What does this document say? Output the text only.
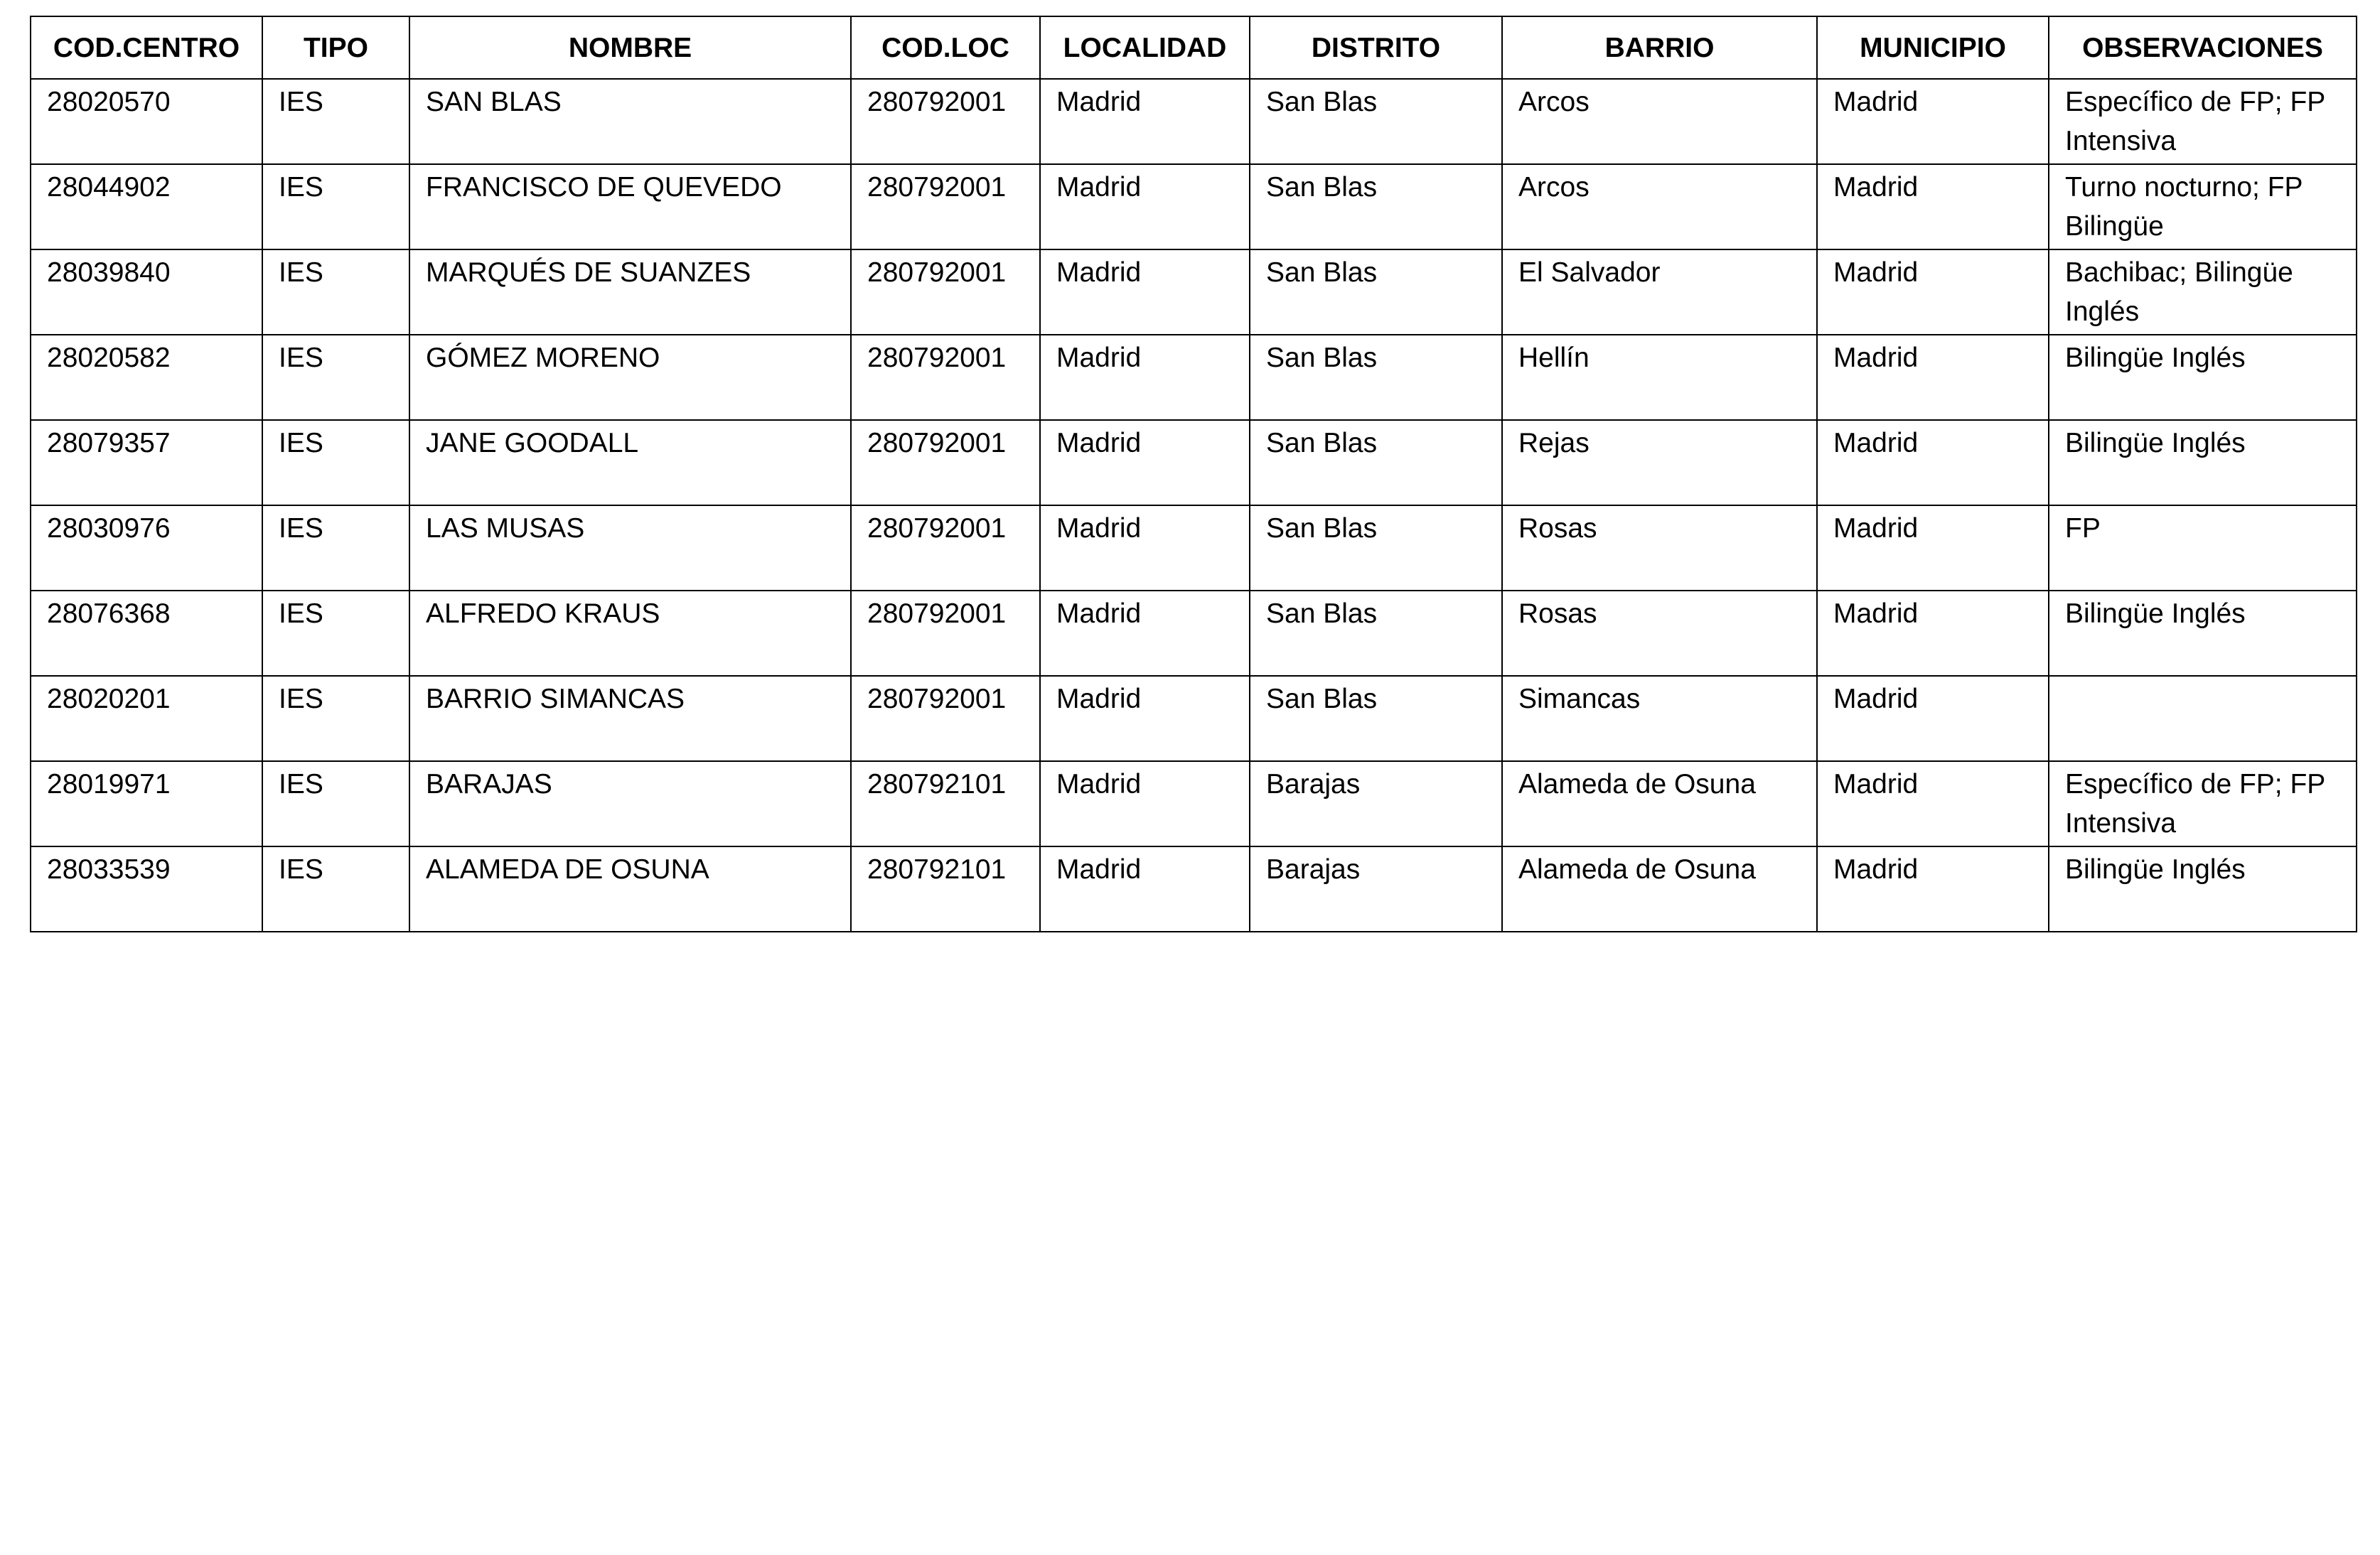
COD.CENTRO	TIPO	NOMBRE	COD.LOC	LOCALIDAD	DISTRITO	BARRIO	MUNICIPIO	OBSERVACIONES
28020570	IES	SAN BLAS	280792001	Madrid	San Blas	Arcos	Madrid	Específico de FP; FP Intensiva
28044902	IES	FRANCISCO DE QUEVEDO	280792001	Madrid	San Blas	Arcos	Madrid	Turno nocturno; FP Bilingüe
28039840	IES	MARQUÉS DE SUANZES	280792001	Madrid	San Blas	El Salvador	Madrid	Bachibac; Bilingüe Inglés
28020582	IES	GÓMEZ MORENO	280792001	Madrid	San Blas	Hellín	Madrid	Bilingüe Inglés
28079357	IES	JANE GOODALL	280792001	Madrid	San Blas	Rejas	Madrid	Bilingüe Inglés
28030976	IES	LAS MUSAS	280792001	Madrid	San Blas	Rosas	Madrid	FP
28076368	IES	ALFREDO KRAUS	280792001	Madrid	San Blas	Rosas	Madrid	Bilingüe Inglés
28020201	IES	BARRIO SIMANCAS	280792001	Madrid	San Blas	Simancas	Madrid	
28019971	IES	BARAJAS	280792101	Madrid	Barajas	Alameda de Osuna	Madrid	Específico de FP; FP Intensiva
28033539	IES	ALAMEDA DE OSUNA	280792101	Madrid	Barajas	Alameda de Osuna	Madrid	Bilingüe Inglés
